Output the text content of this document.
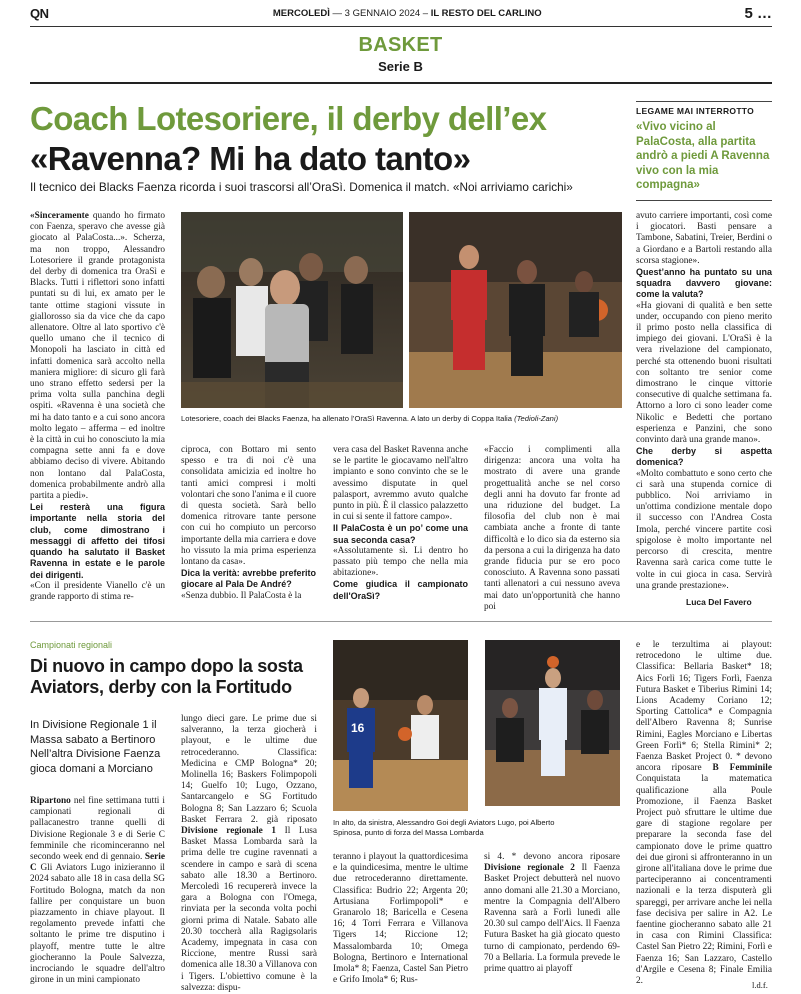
QN	MERCOLEDÌ — 3 GENNAIO 2024 – IL RESTO DEL CARLINO	5 …
BASKET
Serie B
Coach Lotesoriere, il derby dell’ex
«Ravenna? Mi ha dato tanto»
Il tecnico dei Blacks Faenza ricorda i suoi trascorsi all’OraSì. Domenica il match. «Noi arriviamo carichi»
LEGAME MAI INTERROTTO
«Vivo vicino al PalaCosta, alla partita andrò a piedi A Ravenna vivo con la mia compagna»
«Sinceramente quando ho firmato con Faenza, speravo che avesse già giocato al PalaCosta...». Scherza, ma non troppo, Alessandro Lotesoriere il grande protagonista del derby di domenica tra OraSì e Blacks. Tutti i riflettori sono infatti puntati su di lui, ex amato per le tante ottime stagioni vissute in giallorosso sia da vice che da capo allenatore. Oltre al lato sportivo c'è quello umano che il tecnico di Monopoli ha lasciato in città ed infatti domenica sarà accolto nella maniera migliore: di sicuro gli farà uno strano effetto sedersi per la prima volta sulla panchina degli ospiti. «Ravenna è una società che mi ha dato tanto e a cui sono ancora molto legato – afferma – ed inoltre è la città in cui ho conosciuto la mia compagna sette anni fa e dove abbiamo deciso di vivere. Abitando non lontano dal PalaCosta, domenica probabilmente andrò alla partita a piedi».

Lei resterà una figura importante nella storia del club, come dimostrano i messaggi di affetto dei tifosi quando ha salutato il Basket Ravenna in estate e le parole dei dirigenti.

«Con il presidente Vianello c'è un grande rapporto di stima re-

Lotesoriere, coach dei Blacks Faenza, ha allenato l’OraSì Ravenna. A lato un derby di Coppa Italia (Tedioli-Zani)

ciproca, con Bottaro mi sento spesso e tra di noi c'è una consolidata amicizia ed inoltre ho tanti amici compresi i molti volontari che sono l'anima e il cuore di questa società. Sarà bello domenica ritrovare tante persone con cui ho compiuto un percorso importante della mia carriera e dove ho vissuto la mia prima esperienza lontano da casa».

Dica la verità: avrebbe preferito giocare al Pala De André?

«Senza dubbio. Il PalaCosta è la

vera casa del Basket Ravenna anche se le partite le giocavamo nell'altro impianto e sono convinto che se le avessimo disputate in quel palasport, avremmo avuto qualche punto in più. È il classico palazzetto in cui si sente il fattore campo».

Il PalaCosta è un po’ come una sua seconda casa?

«Assolutamente sì. Li dentro ho passato più tempo che nella mia abitazione».

Come giudica il campionato dell'OraSì?

«Faccio i complimenti alla dirigenza: ancora una volta ha mostrato di avere una grande progettualità anche se nel corso degli anni ha dovuto far fronte ad una riduzione del budget. La filosofia del club non è mai cambiata anche a fronte di tante difficoltà e lo dico sia da esterno sia da persona a cui la dirigenza ha dato grande fiducia pur se ero poco conosciuto. A Ravenna sono passati tanti allenatori a cui nessuno aveva mai dato un'opportunità che hanno poi

avuto carriere importanti, così come i giocatori. Basti pensare a Tambone, Sabatini, Treier, Berdini o a Giordano e a Bartoli restando alla scorsa stagione».

Quest’anno ha puntato su una squadra davvero giovane: come la valuta?

«Ha giovani di qualità e ben sette under, occupando con pieno merito il primo posto nella classifica di impiego dei giovani. L'OraSì è la vera rivelazione del campionato, perché sta ottenendo buoni risultati con soltanto tre senior come dimostrano le cinque vittorie consecutive di qualche settimana fa. Attorno a loro ci sono leader come Nikolic e Bedetti che portano esperienza e Panzini, che sono convinto darà una grande mano».

Che derby si aspetta domenica?

«Molto combattuto e sono certo che ci sarà una stupenda cornice di pubblico. Noi arriviamo in un'ottima condizione mentale dopo il successo con l'Andrea Costa Imola, perché vincere partite così spigolose è molto importante nel percorso di crescita, mentre Ravenna sarà carica come tutte le volte in cui gioca in casa. Servirà una grande prestazione».

Luca Del Favero
Campionati regionali
Di nuovo in campo dopo la sosta Aviators, derby con la Fortitudo
In Divisione Regionale 1 il Massa sabato a Bertinoro Nell’altra Divisione Faenza gioca domani a Morciano
Ripartono nel fine settimana tutti i campionati regionali di pallacanestro tranne quelli di Divisione Regionale 3 e di Serie C femminile che ricominceranno nel secondo week end di gennaio. Serie C Gli Aviators Lugo inizieranno il 2024 sabato alle 18 in casa della SG Fortitudo Bologna, match da non fallire per conquistare un buon piazzamento in chiave playout. Il regolamento prevede infatti che soltanto le prime tre disputino i playoff, mentre tutte le altre giocheranno la Poule Salvezza, incrociando le squadre dell'altro girone in un mini campionato
lungo dieci gare. Le prime due si salveranno, la terza giocherà i playout, e le ultime due retrocederanno. Classifica: Medicina e CMP Bologna* 20; Molinella 16; Baskers Folimpopoli 14; Guelfo 10; Lugo, Ozzano, Santarcangelo e SG Fortitudo Bologna 8; San Lazzaro 6; Scuola Basket Ferrara 2. già riposato Divisione regionale 1 Il Lusa Basket Massa Lombarda sarà la prima delle tre cugine ravennati a scendere in campo e sarà di scena sabato alle 18.30 a Bertinoro. Mercoledì 16 recupererà invece la gara a Bologna con l'Omega, rinviata per la seconda volta pochi giorni prima di Natale. Sabato alle 20.30 toccherà alla Ragigsolaris Academy, impegnata in casa con Riccione, mentre Russi sarà domenica alle 18.30 a Villanova con i Tigers. L'obiettivo comune è la salvezza: dispu-
16
In alto, da sinistra, Alessandro Goi degli Aviators Lugo, poi Alberto Spinosa, punto di forza del Massa Lombarda
teranno i playout la quattordicesima e la quindicesima, mentre le ultime due retrocederanno direttamente. Classifica: Budrio 22; Argenta 20; Artusiana Forlimpopoli* e Granarolo 18; Baricella e Cesena 16; 4 Torri Ferrara e Villanova Tigers 14; Riccione 12; Massalombarda 10; Omega Bologna, Bertinoro e International Imola* 8; Faenza, Castel San Pietro e Grifo Imola* 6; Rus-
si 4. * devono ancora riposare Divisione regionale 2 Il Faenza Basket Project debutterà nel nuovo anno domani alle 21.30 a Morciano, mentre la Compagnia dell'Albero Ravenna sarà a Forlì lunedì alle 20.30 sul campo dell'Aics. Il Faenza Futura Basket ha già giocato questo turno di campionato, perdendo 69-70 a Bellaria. La formula prevede le prime quattro ai playoff
e le terzultima ai playout: retrocedono le ultime due. Classifica: Bellaria Basket* 18; Aics Forlì 16; Tigers Forlì, Faenza Futura Basket e Tiberius Rimini 14; Lions Academy Coriano 12; Sporting Cattolica* e Compagnia dell'Albero Ravenna 8; Sunrise Rimini, Eagles Morciano e Libertas Green Forlì* 6; Stella Rimini* 2; Faenza Basket Project 0. * devono ancora riposare B Femminile Conquistata la matematica qualificazione alla Poule Promozione, il Faenza Basket Project può sfruttare le ultime due gare di stagione regolare per preparare la seconda fase del campionato dove le prime quattro dei due gironi si affronteranno in un girone all'italiana dove le prime due parteciperanno ai concentramenti nazionali e la terza disputerà gli spareggi, per arrivare anche lei nella fase decisiva per salire in A2. Le faentine giocheranno sabato alle 21 in casa con Rimini Classifica: Castel San Pietro 22; Rimini, Forlì e Faenza 16; San Lazzaro, Castello d'Argile e Cesena 8; Finale Emilia 2.	l.d.f.
